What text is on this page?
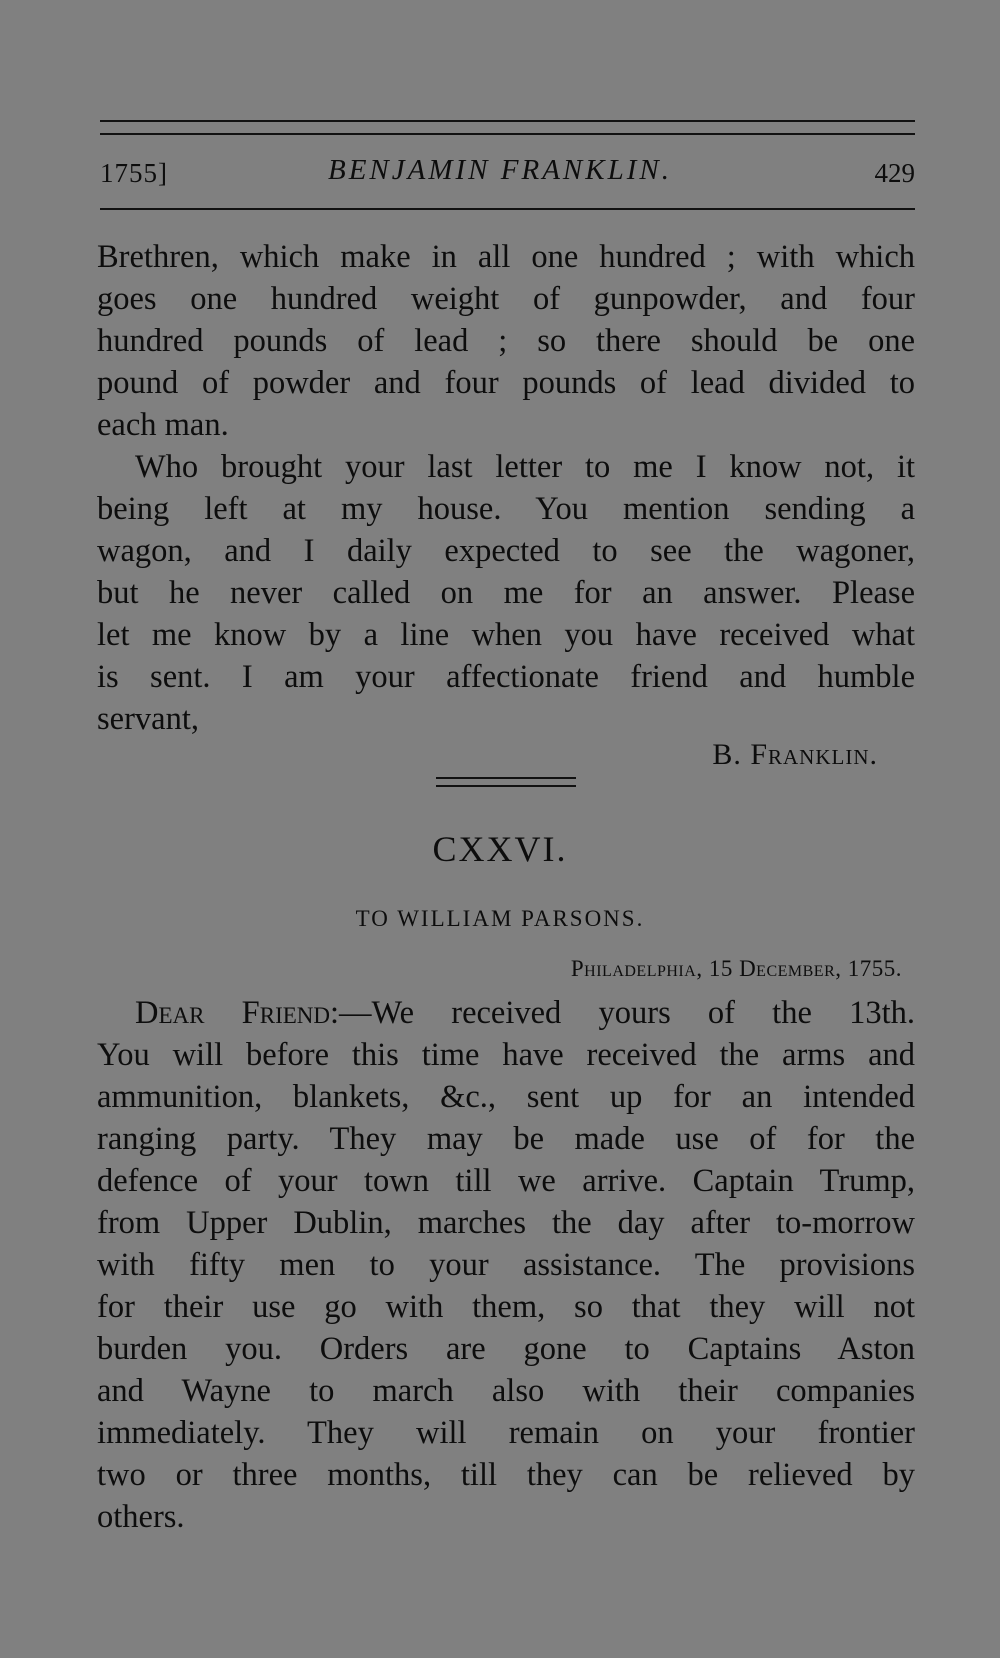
1755]	BENJAMIN FRANKLIN.	429

Brethren, which make in all one hundred ; with which
goes one hundred weight of gunpowder, and four
hundred pounds of lead ; so there should be one
pound of powder and four pounds of lead divided to
each man.

Who brought your last letter to me I know not, it
being left at my house. You mention sending a
wagon, and I daily expected to see the wagoner,
but he never called on me for an answer. Please
let me know by a line when you have received what
is sent. I am your affectionate friend and humble
servant,

B. Franklin.
CXXVI.
TO WILLIAM PARSONS.
Philadelphia, 15 December, 1755.

Dear Friend:—We received yours of the 13th.
You will before this time have received the arms and
ammunition, blankets, &c., sent up for an intended
ranging party. They may be made use of for the
defence of your town till we arrive. Captain Trump,
from Upper Dublin, marches the day after to-morrow
with fifty men to your assistance. The provisions
for their use go with them, so that they will not
burden you. Orders are gone to Captains Aston
and Wayne to march also with their companies
immediately. They will remain on your frontier
two or three months, till they can be relieved by
others.
